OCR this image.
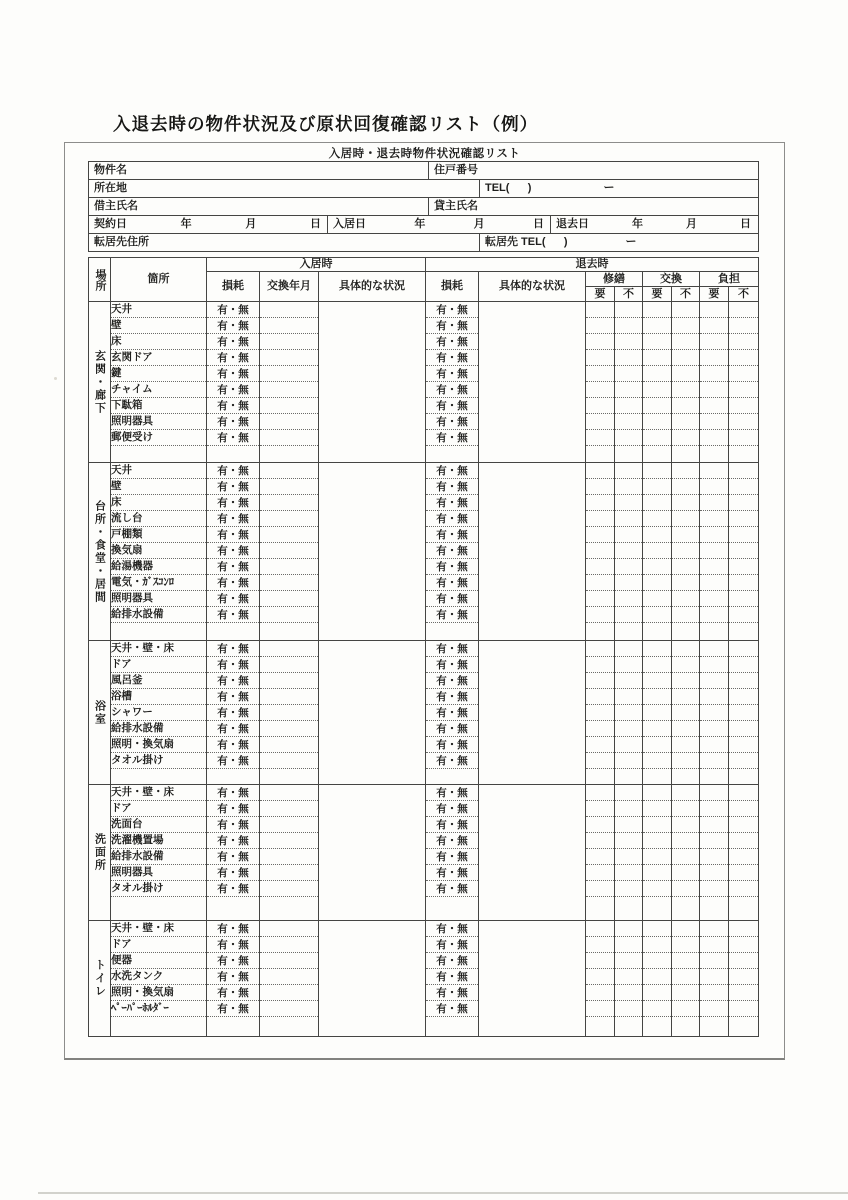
入退去時の物件状況及び原状回復確認リスト（例）
入居時・退去時物件状況確認リスト
物件名	住戸番号
所在地	TEL(      )	ー
借主氏名	貸主氏名
契約日	年	月	日 入居日	年	月	日 退去日	年	月	日
転居先住所	転居先 TEL(      )	ー
場所	箇所	入居時			退去時							
		損耗	交換年月	具体的な状況	損耗	具体的な状況	修繕		交換		負担	
							要	不	要	不	要	不
玄関・廊下	天井	有・無			有・無							
	壁	有・無			有・無							
	床	有・無			有・無							
	玄関ドア	有・無			有・無							
	鍵	有・無			有・無							
	チャイム	有・無			有・無							
	下駄箱	有・無			有・無							
	照明器具	有・無			有・無							
	郵便受け	有・無			有・無							

台所・食堂・居間	天井	有・無			有・無							
	壁	有・無			有・無							
	床	有・無			有・無							
	流し台	有・無			有・無							
	戸棚類	有・無			有・無							
	換気扇	有・無			有・無							
	給湯機器	有・無			有・無							
	電気・ｶﾞｽｺﾝﾛ	有・無			有・無							
	照明器具	有・無			有・無							
	給排水設備	有・無			有・無							

浴室	天井・壁・床	有・無			有・無							
	ドア	有・無			有・無							
	風呂釜	有・無			有・無							
	浴槽	有・無			有・無							
	シャワー	有・無			有・無							
	給排水設備	有・無			有・無							
	照明・換気扇	有・無			有・無							
	タオル掛け	有・無			有・無							

洗面所	天井・壁・床	有・無			有・無							
	ドア	有・無			有・無							
	洗面台	有・無			有・無							
	洗濯機置場	有・無			有・無							
	給排水設備	有・無			有・無							
	照明器具	有・無			有・無							
	タオル掛け	有・無			有・無							

トイレ	天井・壁・床	有・無			有・無							
	ドア	有・無			有・無							
	便器	有・無			有・無							
	水洗タンク	有・無			有・無							
	照明・換気扇	有・無			有・無							
	ﾍﾟｰﾊﾟｰﾎﾙﾀﾞｰ	有・無			有・無							
